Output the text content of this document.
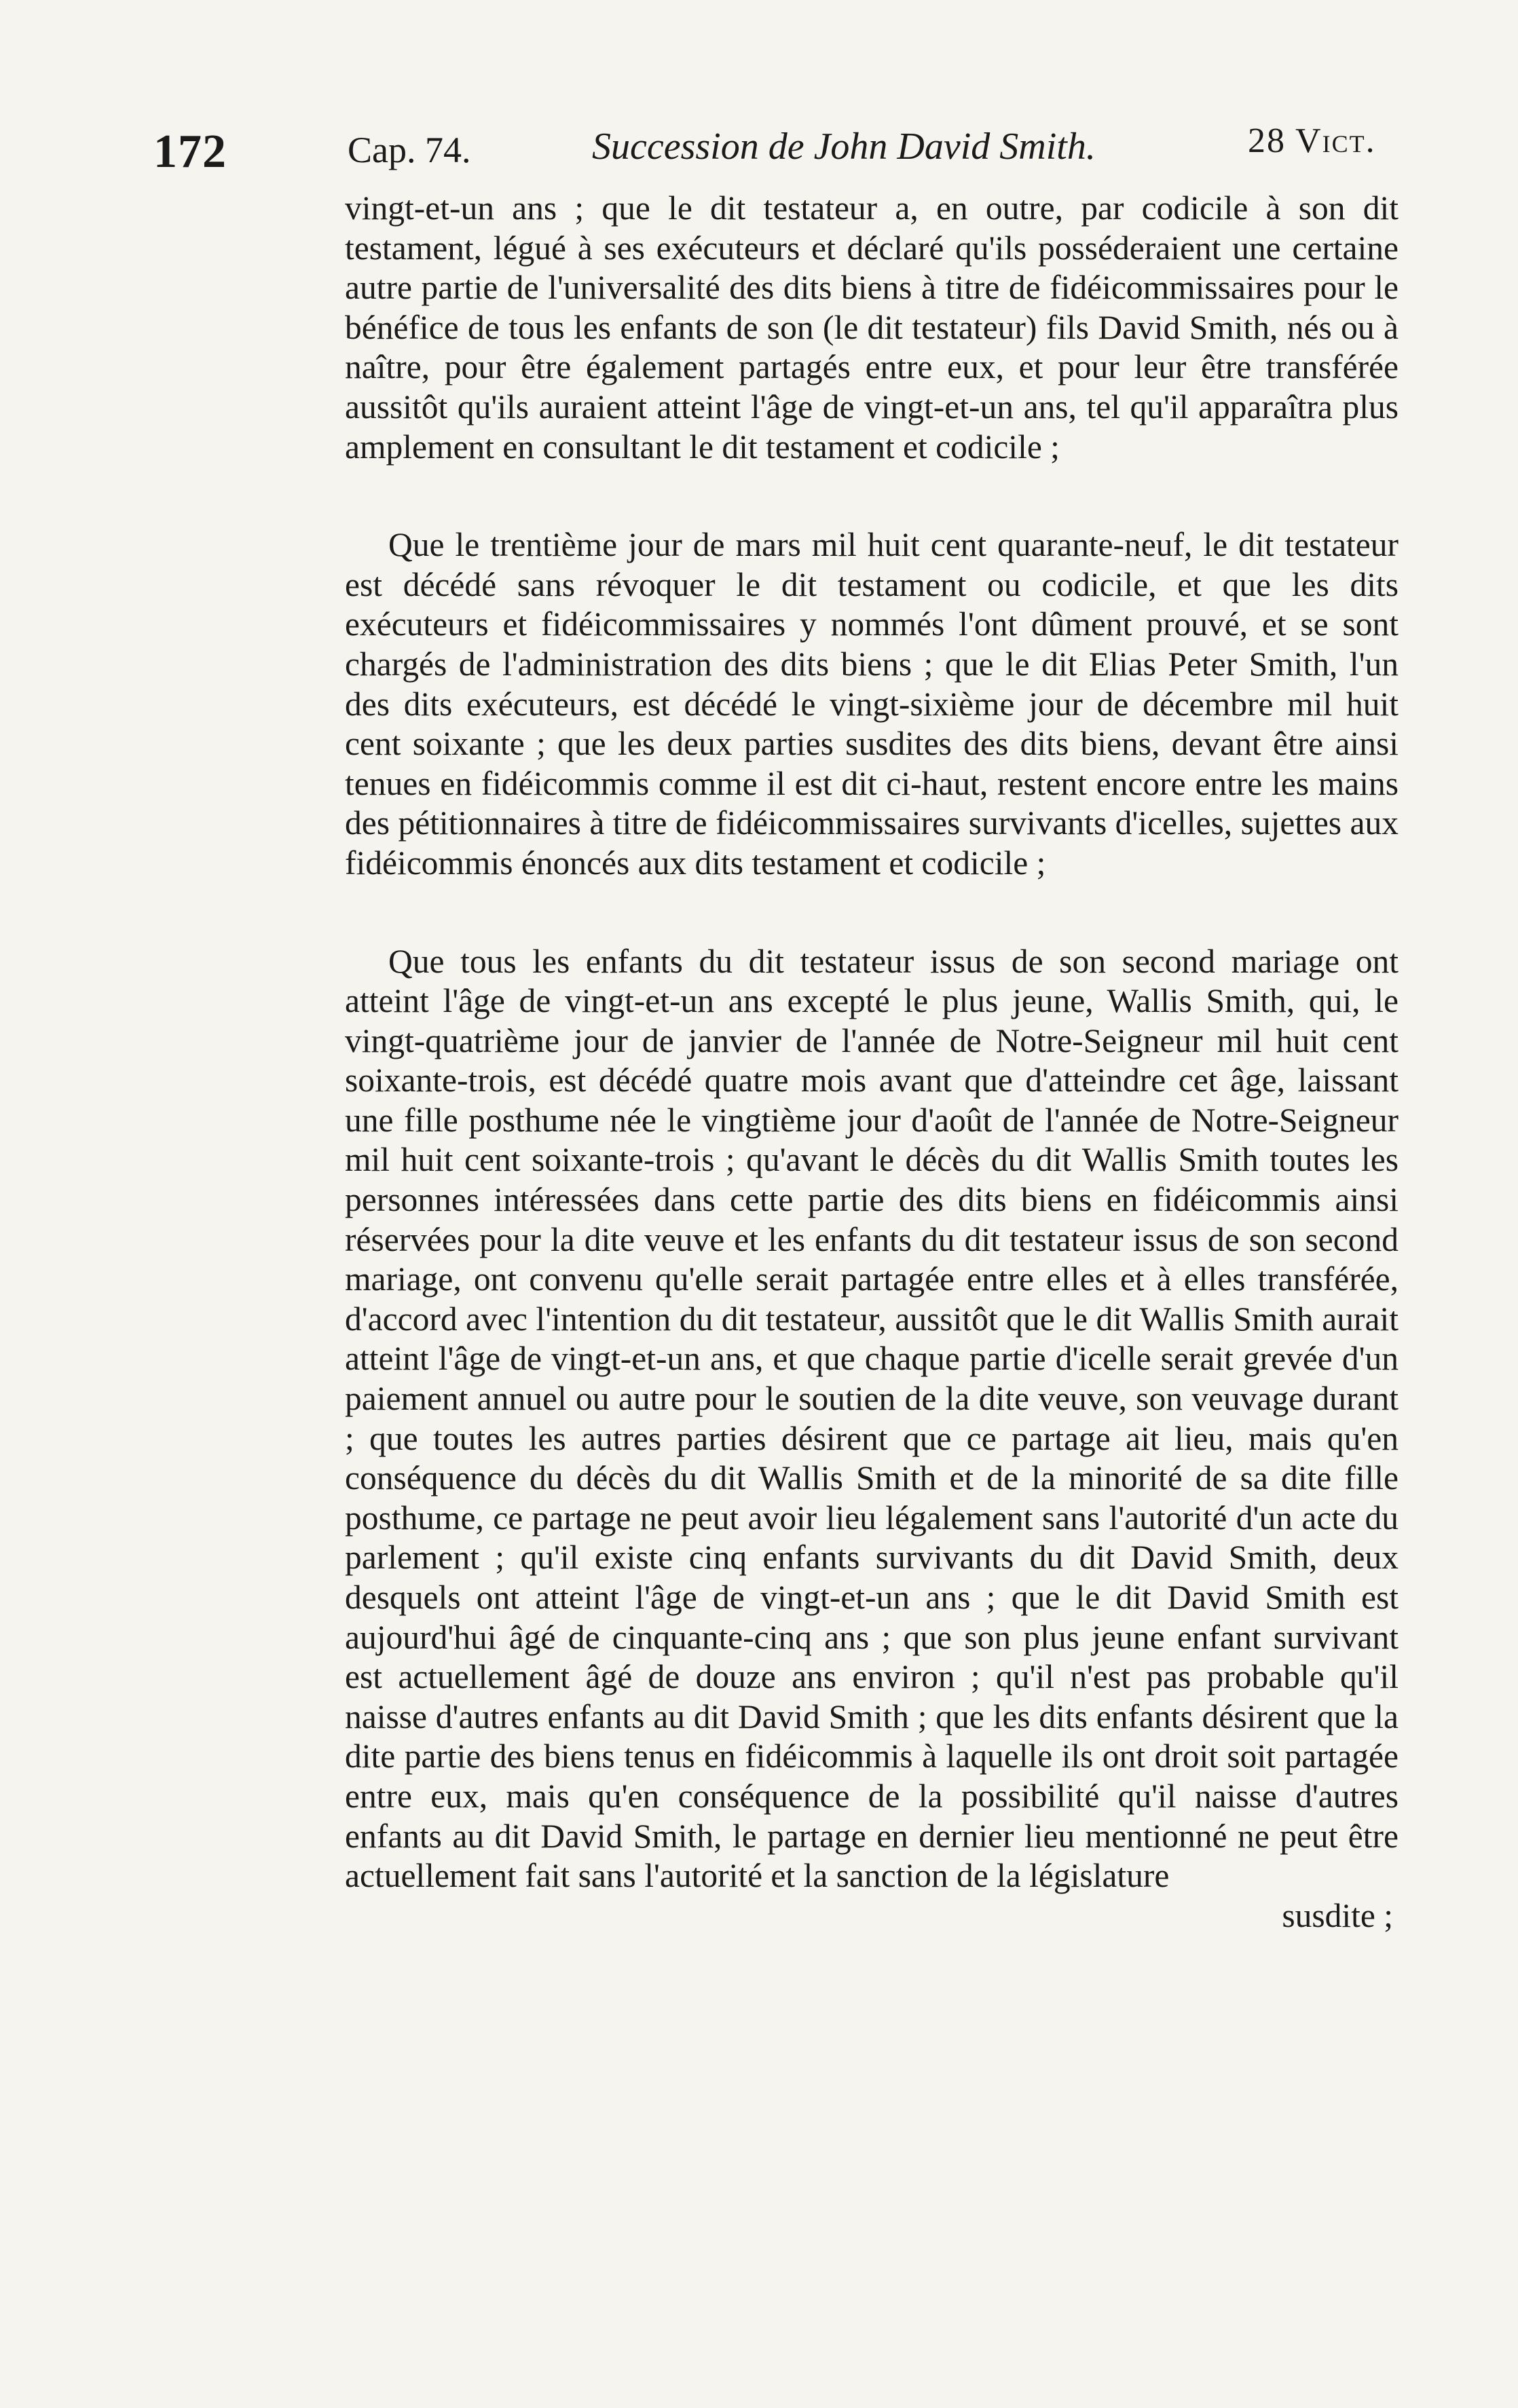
172	Cap. 74.	Succession de John David Smith.	28 Vict.

vingt-et-un ans ; que le dit testateur a, en outre, par codicile à son dit testament, légué à ses exécuteurs et déclaré qu'ils posséderaient une certaine autre partie de l'universalité des dits biens à titre de fidéicommissaires pour le bénéfice de tous les enfants de son (le dit testateur) fils David Smith, nés ou à naître, pour être également partagés entre eux, et pour leur être transférée aussitôt qu'ils auraient atteint l'âge de vingt-et-un ans, tel qu'il apparaîtra plus amplement en consultant le dit testament et codicile ;

Que le trentième jour de mars mil huit cent quarante-neuf, le dit testateur est décédé sans révoquer le dit testament ou codicile, et que les dits exécuteurs et fidéicommissaires y nommés l'ont dûment prouvé, et se sont chargés de l'administration des dits biens ; que le dit Elias Peter Smith, l'un des dits exécuteurs, est décédé le vingt-sixième jour de décembre mil huit cent soixante ; que les deux parties susdites des dits biens, devant être ainsi tenues en fidéicommis comme il est dit ci-haut, restent encore entre les mains des pétitionnaires à titre de fidéicommissaires survivants d'icelles, sujettes aux fidéicommis énoncés aux dits testament et codicile ;

Que tous les enfants du dit testateur issus de son second mariage ont atteint l'âge de vingt-et-un ans excepté le plus jeune, Wallis Smith, qui, le vingt-quatrième jour de janvier de l'année de Notre-Seigneur mil huit cent soixante-trois, est décédé quatre mois avant que d'atteindre cet âge, laissant une fille posthume née le vingtième jour d'août de l'année de Notre-Seigneur mil huit cent soixante-trois ; qu'avant le décès du dit Wallis Smith toutes les personnes intéressées dans cette partie des dits biens en fidéicommis ainsi réservées pour la dite veuve et les enfants du dit testateur issus de son second mariage, ont convenu qu'elle serait partagée entre elles et à elles transférée, d'accord avec l'intention du dit testateur, aussitôt que le dit Wallis Smith aurait atteint l'âge de vingt-et-un ans, et que chaque partie d'icelle serait grevée d'un paiement annuel ou autre pour le soutien de la dite veuve, son veuvage durant ; que toutes les autres parties désirent que ce partage ait lieu, mais qu'en conséquence du décès du dit Wallis Smith et de la minorité de sa dite fille posthume, ce partage ne peut avoir lieu légalement sans l'autorité d'un acte du parlement ; qu'il existe cinq enfants survivants du dit David Smith, deux desquels ont atteint l'âge de vingt-et-un ans ; que le dit David Smith est aujourd'hui âgé de cinquante-cinq ans ; que son plus jeune enfant survivant est actuellement âgé de douze ans environ ; qu'il n'est pas probable qu'il naisse d'autres enfants au dit David Smith ; que les dits enfants désirent que la dite partie des biens tenus en fidéicommis à laquelle ils ont droit soit partagée entre eux, mais qu'en conséquence de la possibilité qu'il naisse d'autres enfants au dit David Smith, le partage en dernier lieu mentionné ne peut être actuellement fait sans l'autorité et la sanction de la législature

susdite ;
